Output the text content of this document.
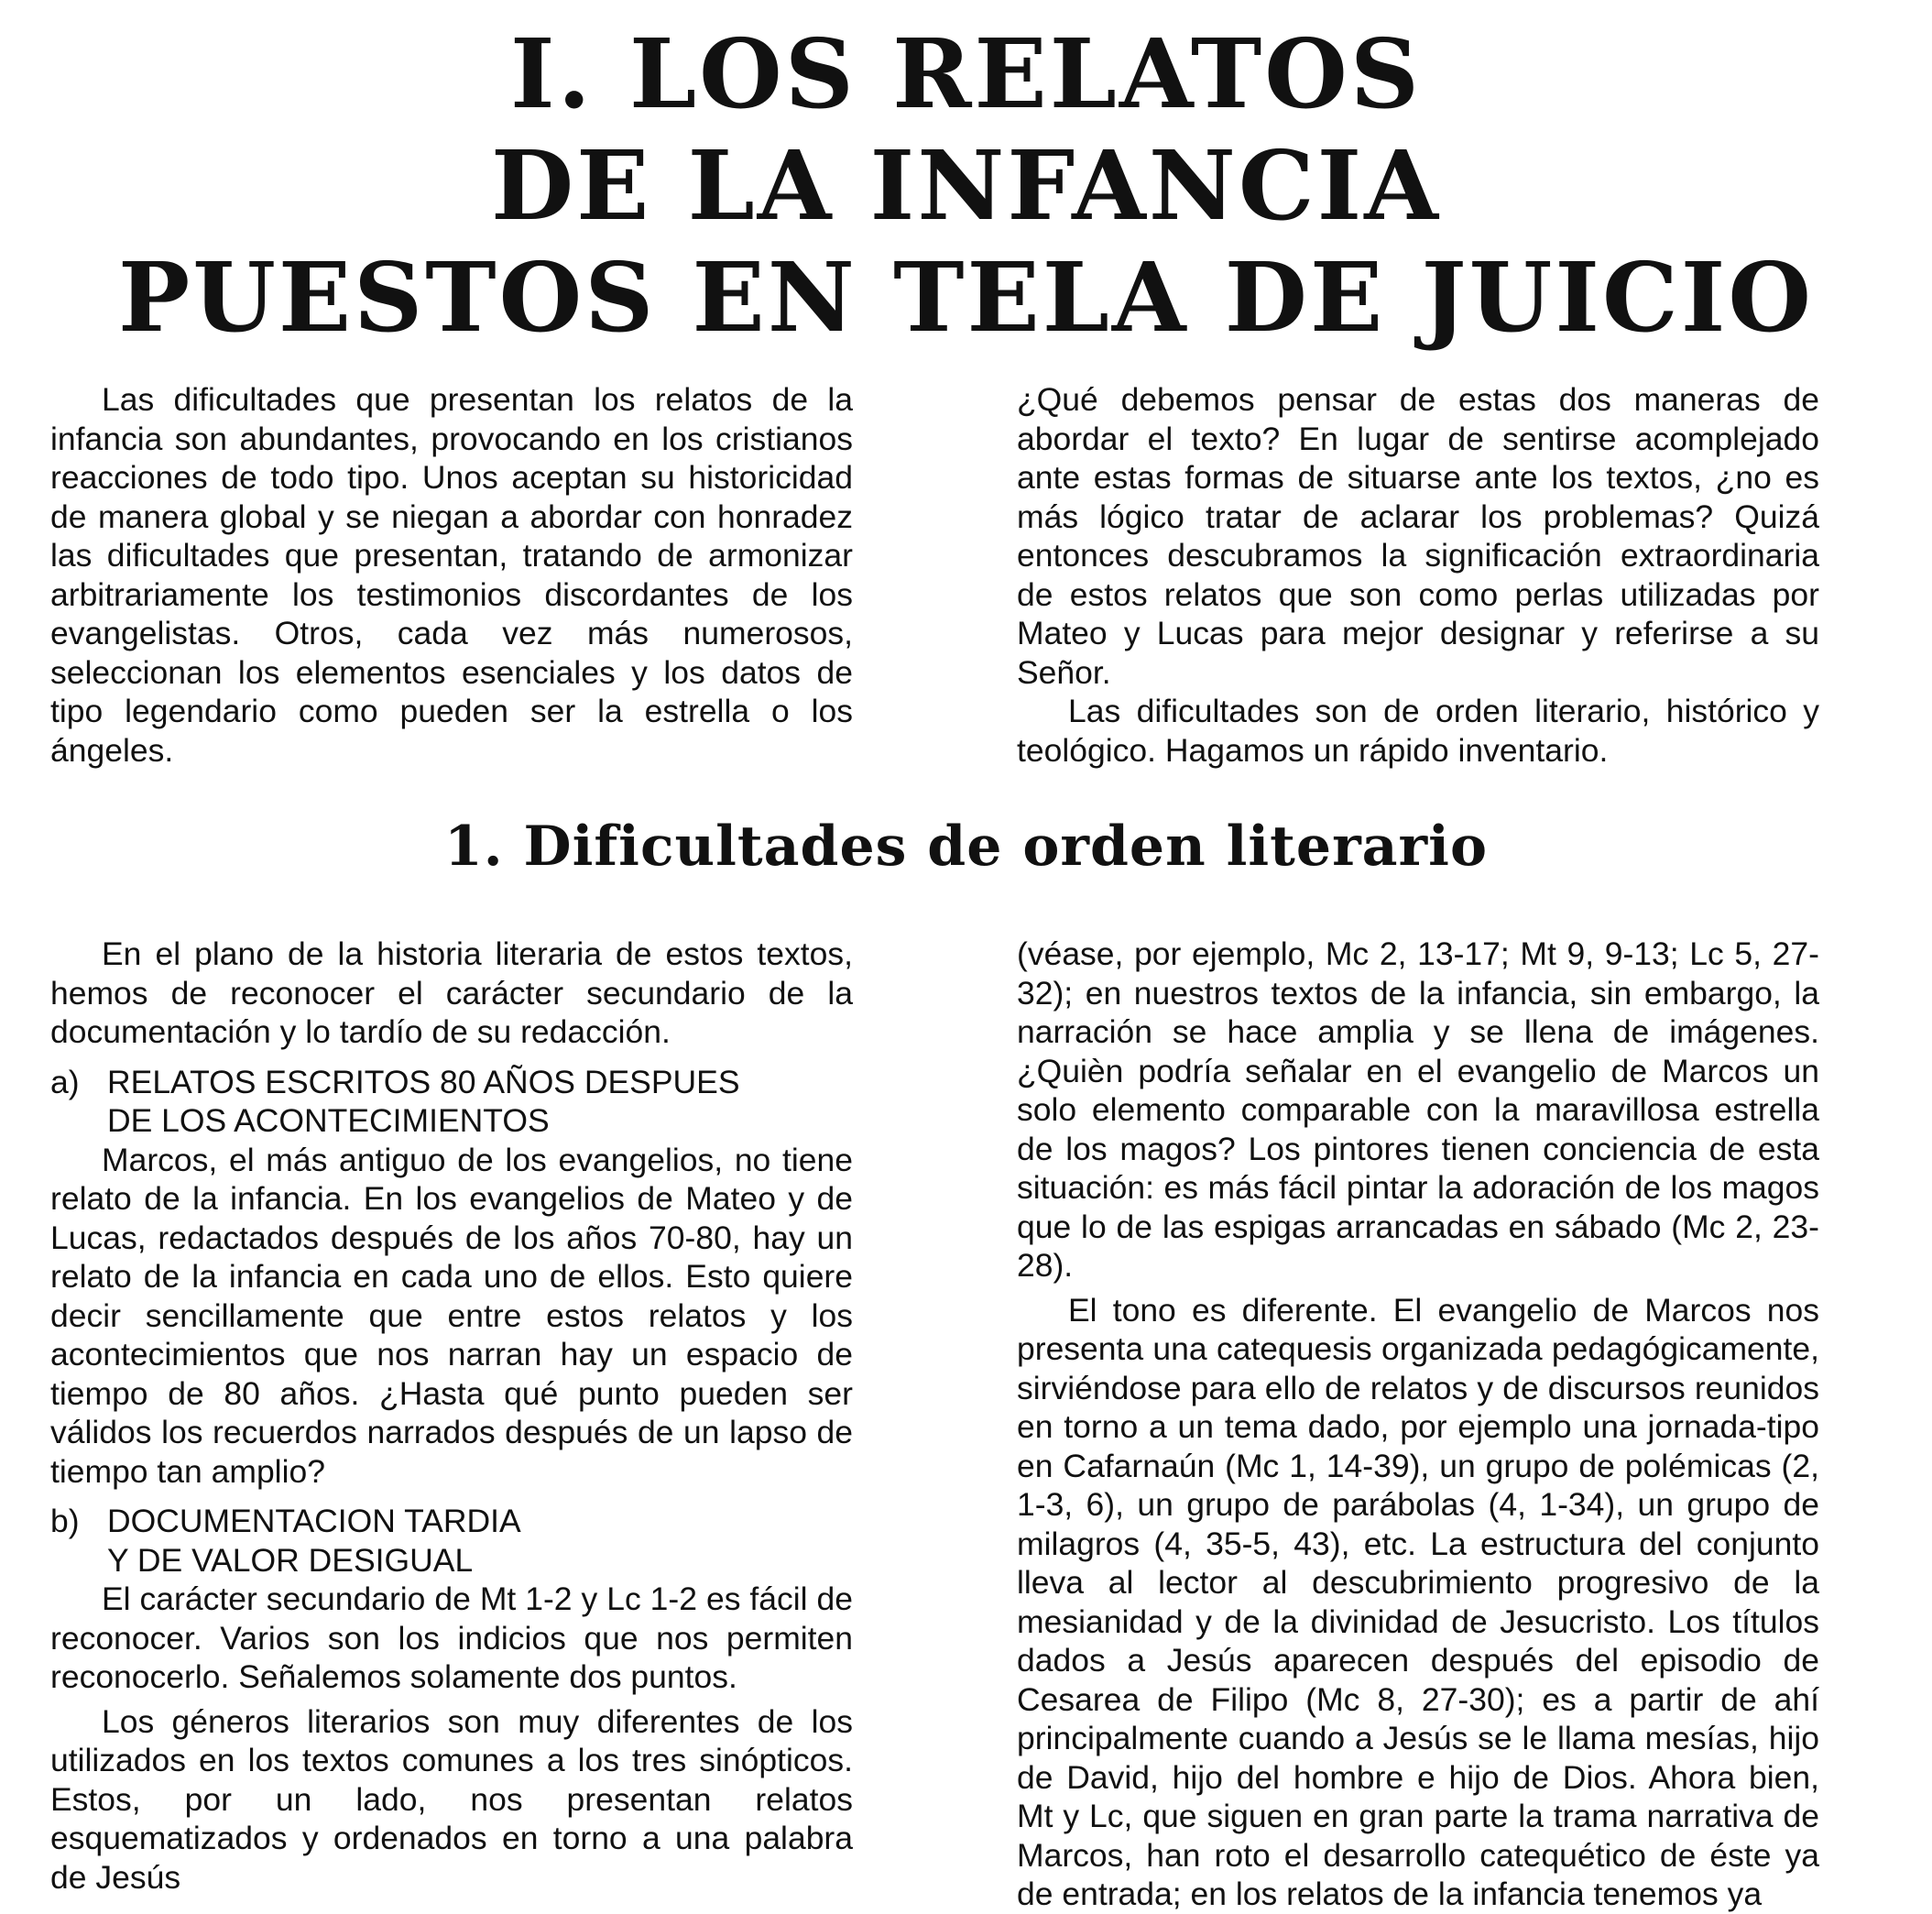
I. LOS RELATOS
DE LA INFANCIA
PUESTOS EN TELA DE JUICIO

Las dificultades que presentan los relatos de la infancia son abundantes, provocando en los cristianos reacciones de todo tipo. Unos aceptan su historicidad de manera global y se niegan a abordar con honradez las dificultades que presentan, tratando de armonizar arbitrariamente los testimonios discordantes de los evangelistas. Otros, cada vez más numerosos, seleccionan los elementos esenciales y los datos de tipo legendario como pueden ser la estrella o los ángeles.

¿Qué debemos pensar de estas dos maneras de abordar el texto? En lugar de sentirse acomplejado ante estas formas de situarse ante los textos, ¿no es más lógico tratar de aclarar los problemas? Quizá entonces descubramos la significación extraordinaria de estos relatos que son como perlas utilizadas por Mateo y Lucas para mejor designar y referirse a su Señor.

Las dificultades son de orden literario, histórico y teológico. Hagamos un rápido inventario.

1. Dificultades de orden literario

En el plano de la historia literaria de estos textos, hemos de reconocer el carácter secundario de la documentación y lo tardío de su redacción.

a) RELATOS ESCRITOS 80 AÑOS DESPUES
DE LOS ACONTECIMIENTOS

Marcos, el más antiguo de los evangelios, no tiene relato de la infancia. En los evangelios de Mateo y de Lucas, redactados después de los años 70-80, hay un relato de la infancia en cada uno de ellos. Esto quiere decir sencillamente que entre estos relatos y los acontecimientos que nos narran hay un espacio de tiempo de 80 años. ¿Hasta qué punto pueden ser válidos los recuerdos narrados después de un lapso de tiempo tan amplio?

b) DOCUMENTACION TARDIA
Y DE VALOR DESIGUAL

El carácter secundario de Mt 1-2 y Lc 1-2 es fácil de reconocer. Varios son los indicios que nos permiten reconocerlo. Señalemos solamente dos puntos.

Los géneros literarios son muy diferentes de los utilizados en los textos comunes a los tres sinópticos. Estos, por un lado, nos presentan relatos esquematizados y ordenados en torno a una palabra de Jesús

(véase, por ejemplo, Mc 2, 13-17; Mt 9, 9-13; Lc 5, 27-32); en nuestros textos de la infancia, sin embargo, la narración se hace amplia y se llena de imágenes. ¿Quièn podría señalar en el evangelio de Marcos un solo elemento comparable con la maravillosa estrella de los magos? Los pintores tienen conciencia de esta situación: es más fácil pintar la adoración de los magos que lo de las espigas arrancadas en sábado (Mc 2, 23-28).

El tono es diferente. El evangelio de Marcos nos presenta una catequesis organizada pedagógicamente, sirviéndose para ello de relatos y de discursos reunidos en torno a un tema dado, por ejemplo una jornada-tipo en Cafarnaún (Mc 1, 14-39), un grupo de polémicas (2, 1-3, 6), un grupo de parábolas (4, 1-34), un grupo de milagros (4, 35-5, 43), etc. La estructura del conjunto lleva al lector al descubrimiento progresivo de la mesianidad y de la divinidad de Jesucristo. Los títulos dados a Jesús aparecen después del episodio de Cesarea de Filipo (Mc 8, 27-30); es a partir de ahí principalmente cuando a Jesús se le llama mesías, hijo de David, hijo del hombre e hijo de Dios. Ahora bien, Mt y Lc, que siguen en gran parte la trama narrativa de Marcos, han roto el desarrollo catequético de éste ya de entrada; en los relatos de la infancia tenemos ya
